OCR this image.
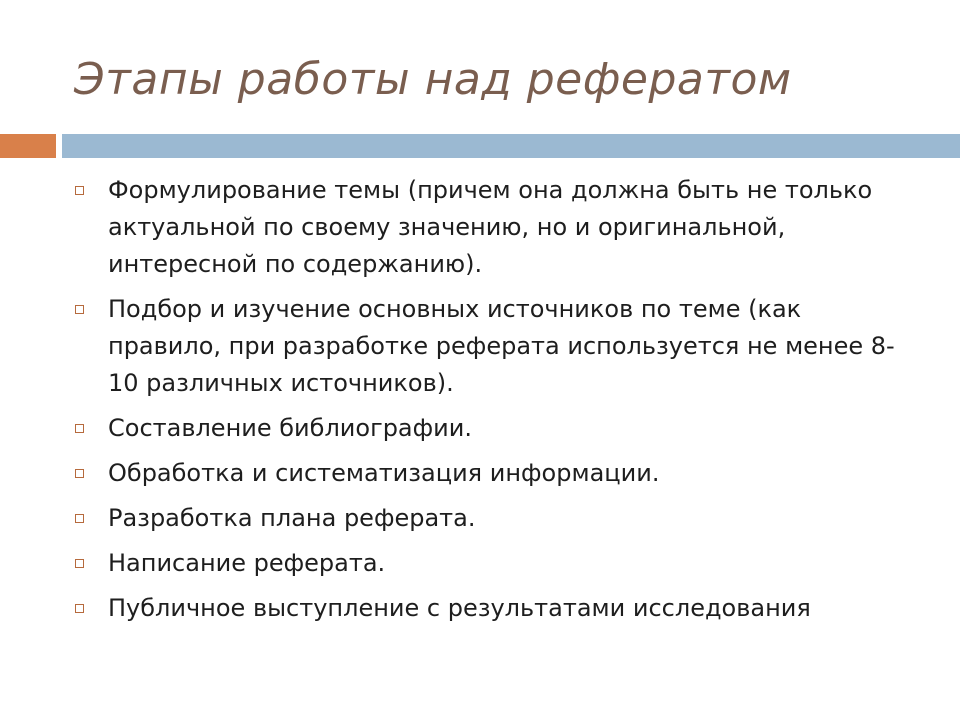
Этапы работы над рефератом
Формулирование темы (причем она должна быть не только актуальной по своему значению, но и оригинальной, интересной по содержанию).
Подбор и изучение основных источников по теме (как правило, при разработке реферата используется не менее 8-10 различных источников).
Составление библиографии.
Обработка и систематизация информации.
Разработка плана реферата.
Написание реферата.
Публичное выступление с результатами исследования
